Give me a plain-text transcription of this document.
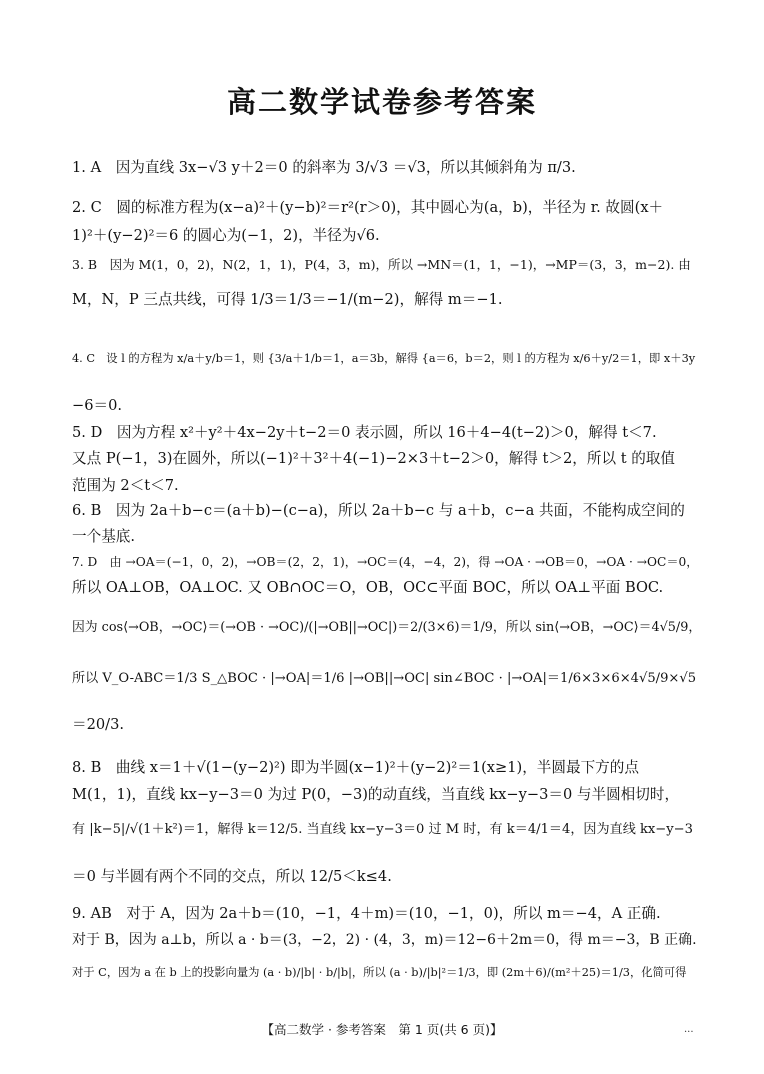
高二数学试卷参考答案
1. A　因为直线 3x−√3 y＋2＝0 的斜率为 3/√3 ＝√3，所以其倾斜角为 π/3.
2. C　圆的标准方程为(x−a)²＋(y−b)²＝r²(r＞0)，其中圆心为(a，b)，半径为 r. 故圆(x＋
1)²＋(y−2)²＝6 的圆心为(−1，2)，半径为√6.
3. B　因为 M(1，0，2)，N(2，1，1)，P(4，3，m)，所以 →MN＝(1，1，−1)，→MP＝(3，3，m−2). 由
M，N，P 三点共线，可得 1/3＝1/3＝−1/(m−2)，解得 m＝−1.
4. C　设 l 的方程为 x/a＋y/b＝1，则 {3/a＋1/b＝1，a＝3b，解得 {a＝6，b＝2，则 l 的方程为 x/6＋y/2＝1，即 x＋3y
−6＝0.
5. D　因为方程 x²＋y²＋4x−2y＋t−2＝0 表示圆，所以 16＋4−4(t−2)＞0，解得 t＜7.
又点 P(−1，3)在圆外，所以(−1)²＋3²＋4(−1)−2×3＋t−2＞0，解得 t＞2，所以 t 的取值
范围为 2＜t＜7.
6. B　因为 2a＋b−c＝(a＋b)−(c−a)，所以 2a＋b−c 与 a＋b，c−a 共面，不能构成空间的
一个基底.
7. D　由 →OA＝(−1，0，2)，→OB＝(2，2，1)，→OC＝(4，−4，2)，得 →OA · →OB＝0，→OA · →OC＝0，
所以 OA⊥OB，OA⊥OC. 又 OB∩OC＝O，OB，OC⊂平面 BOC，所以 OA⊥平面 BOC.
因为 cos⟨→OB，→OC⟩＝(→OB · →OC)/(|→OB||→OC|)＝2/(3×6)＝1/9，所以 sin⟨→OB，→OC⟩＝4√5/9，
所以 V_O-ABC＝1/3 S_△BOC · |→OA|＝1/6 |→OB||→OC| sin∠BOC · |→OA|＝1/6×3×6×4√5/9×√5
＝20/3.
8. B　曲线 x＝1＋√(1−(y−2)²) 即为半圆(x−1)²＋(y−2)²＝1(x≥1)，半圆最下方的点
M(1，1)，直线 kx−y−3＝0 为过 P(0，−3)的动直线，当直线 kx−y−3＝0 与半圆相切时，
有 |k−5|/√(1＋k²)＝1，解得 k＝12/5. 当直线 kx−y−3＝0 过 M 时，有 k＝4/1＝4，因为直线 kx−y−3
＝0 与半圆有两个不同的交点，所以 12/5＜k≤4.
9. AB　对于 A，因为 2a＋b＝(10，−1，4＋m)＝(10，−1，0)，所以 m＝−4，A 正确.
对于 B，因为 a⊥b，所以 a · b＝(3，−2，2) · (4，3，m)＝12−6＋2m＝0，得 m＝−3，B 正确.
对于 C，因为 a 在 b 上的投影向量为 (a · b)/|b| · b/|b|，所以 (a · b)/|b|²＝1/3，即 (2m＋6)/(m²＋25)＝1/3，化简可得
【高二数学 · 参考答案　第 1 页(共 6 页)】	...
